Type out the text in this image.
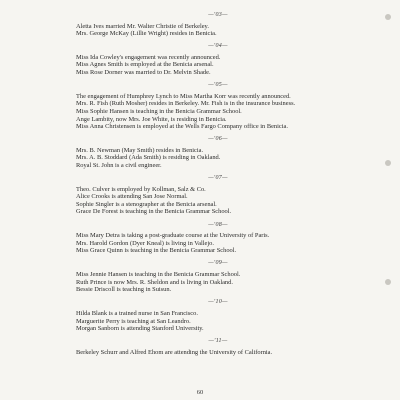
—'03—
Aletta Ives married Mr. Walter Christie of Berkeley.
Mrs. George McKay (Lillie Wright) resides in Benicia.
—'04—
Miss Ida Cowley's engagement was recently announced.
Miss Agnes Smith is employed at the Benicia arsenal.
Miss Rose Dorner was married to Dr. Melvin Shade.
—'05—
The engagement of Humphrey Lynch to Miss Martha Korr was recently announced.
Mrs. R. Fish (Ruth Mosher) resides in Berkeley. Mr. Fish is in the insurance business.
Miss Sophie Hansen is teaching in the Benicia Grammar School.
Ange Lambity, now Mrs. Joe White, is residing in Benicia.
Miss Anna Christensen is employed at the Wells Fargo Company office in Benicia.
—'06—
Mrs. B. Newman (May Smith) resides in Benicia.
Mrs. A. B. Stoddard (Ada Smith) is residing in Oakland.
Royal St. John is a civil engineer.
—'07—
Theo. Culver is employed by Kollman, Salz & Co.
Alice Crooks is attending San Jose Normal.
Sophie Singler is a stenographer at the Benicia arsenal.
Grace De Forest is teaching in the Benicia Grammar School.
—'08—
Miss Mary Detra is taking a post-graduate course at the University of Paris.
Mrs. Harold Gordon (Dyer Kneal) is living in Vallejo.
Miss Grace Quinn is teaching in the Benicia Grammar School.
—'09—
Miss Jennie Hansen is teaching in the Benicia Grammar School.
Ruth Prince is now Mrs. R. Sheldon and is living in Oakland.
Bessie Driscoll is teaching in Suisun.
—'10—
Hilda Blank is a trained nurse in San Francisco.
Marguerite Perry is teaching at San Leandro.
Morgan Sanborn is attending Stanford University.
—'11—
Berkeley Schurr and Alfred Ehom are attending the University of California.
60
